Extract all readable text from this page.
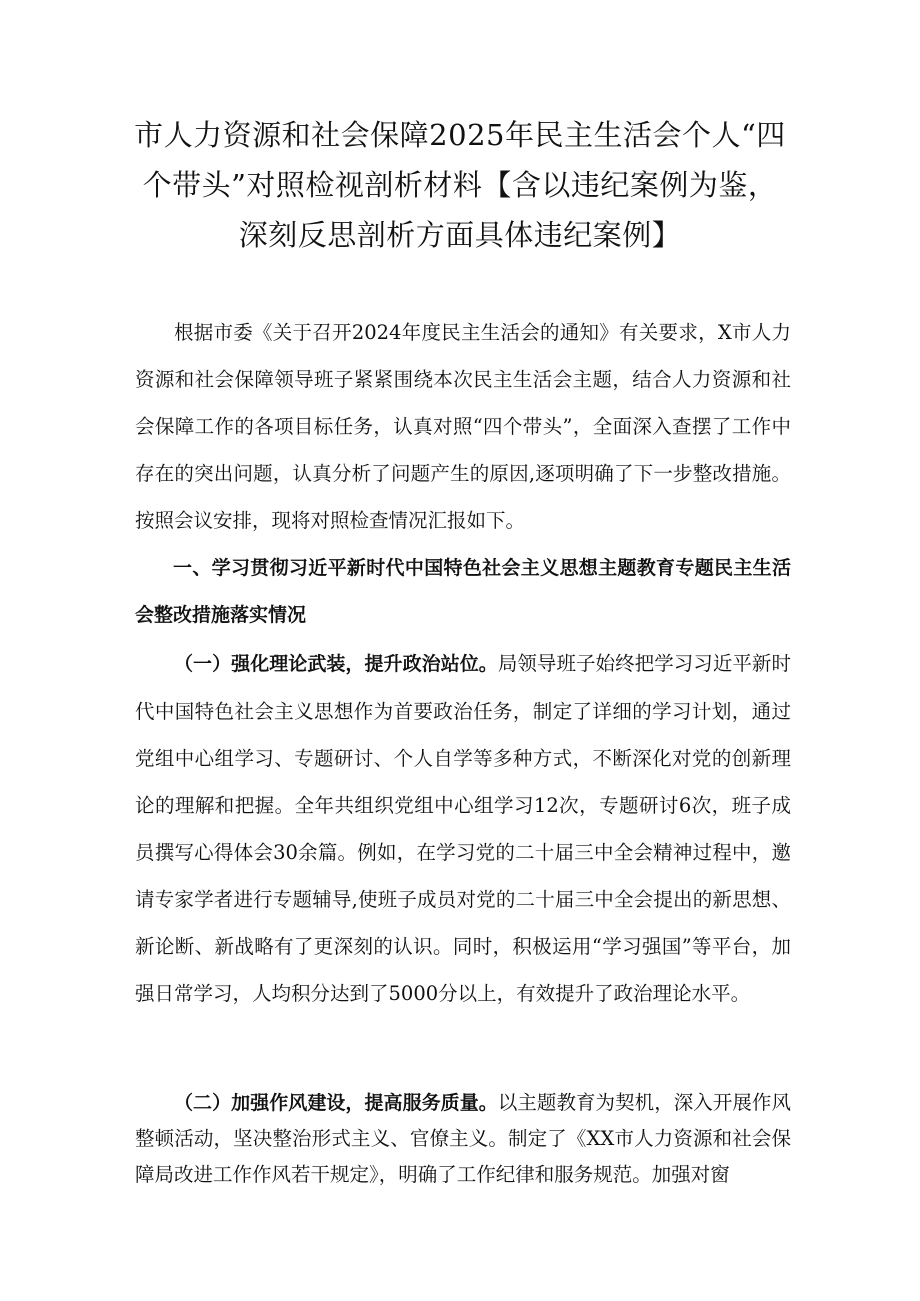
市人力资源和社会保障2025年民主生活会个人“四个带头”对照检视剖析材料【含以违纪案例为鉴，深刻反思剖析方面具体违纪案例】

根据市委《关于召开2024年度民主生活会的通知》有关要求，X市人力资源和社会保障领导班子紧紧围绕本次民主生活会主题，结合人力资源和社会保障工作的各项目标任务，认真对照“四个带头”，全面深入查摆了工作中存在的突出问题，认真分析了问题产生的原因,逐项明确了下一步整改措施。按照会议安排，现将对照检查情况汇报如下。

一、学习贯彻习近平新时代中国特色社会主义思想主题教育专题民主生活会整改措施落实情况

（一）强化理论武装，提升政治站位。局领导班子始终把学习习近平新时代中国特色社会主义思想作为首要政治任务，制定了详细的学习计划，通过党组中心组学习、专题研讨、个人自学等多种方式，不断深化对党的创新理论的理解和把握。全年共组织党组中心组学习12次，专题研讨6次，班子成员撰写心得体会30余篇。例如，在学习党的二十届三中全会精神过程中，邀请专家学者进行专题辅导,使班子成员对党的二十届三中全会提出的新思想、新论断、新战略有了更深刻的认识。同时，积极运用“学习强国”等平台，加强日常学习，人均积分达到了5000分以上，有效提升了政治理论水平。

（二）加强作风建设，提高服务质量。以主题教育为契机，深入开展作风整顿活动，坚决整治形式主义、官僚主义。制定了《XX市人力资源和社会保障局改进工作作风若干规定》，明确了工作纪律和服务规范。加强对窗
